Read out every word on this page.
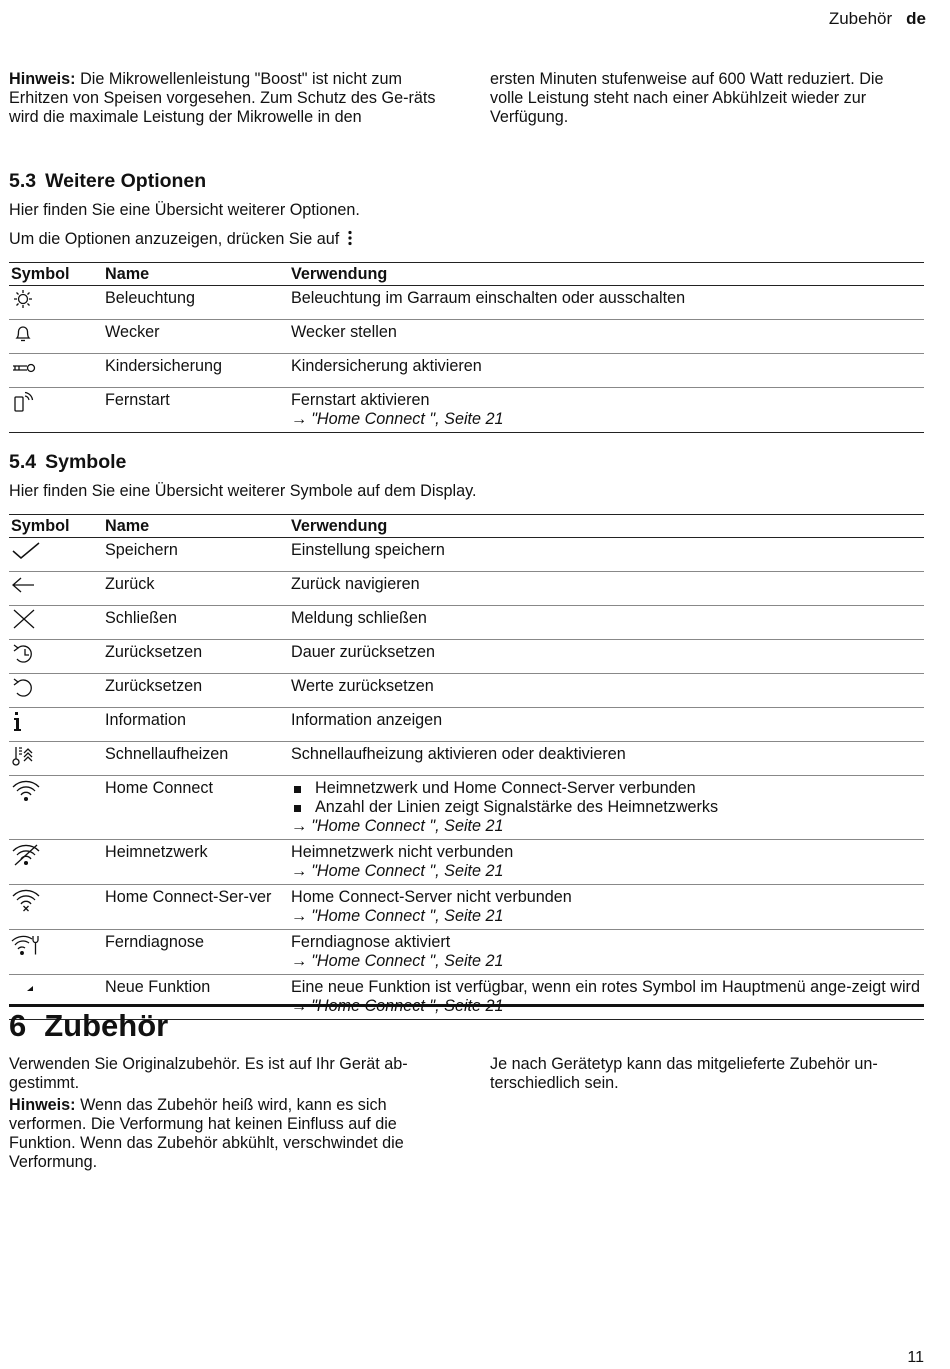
Zubehör de
Hinweis: Die Mikrowellenleistung "Boost" ist nicht zum Erhitzen von Speisen vorgesehen. Zum Schutz des Ge-räts wird die maximale Leistung der Mikrowelle in den
ersten Minuten stufenweise auf 600 Watt reduziert. Die volle Leistung steht nach einer Abkühlzeit wieder zur Verfügung.
5.3 Weitere Optionen
Hier finden Sie eine Übersicht weiterer Optionen.
Um die Optionen anzuzeigen, drücken Sie auf
Symbol	Name	Verwendung

	Beleuchtung	Beleuchtung im Garraum einschalten oder ausschalten

	Wecker	Wecker stellen

	Kindersicherung	Kindersicherung aktivieren

	Fernstart	Fernstart aktivieren
→ "Home Connect ", Seite 21
5.4 Symbole
Hier finden Sie eine Übersicht weiterer Symbole auf dem Display.
Symbol	Name	Verwendung

	Speichern	Einstellung speichern

	Zurück	Zurück navigieren

	Schließen	Meldung schließen

	Zurücksetzen	Dauer zurücksetzen

	Zurücksetzen	Werte zurücksetzen

	Information	Information anzeigen

	Schnellaufheizen	Schnellaufheizung aktivieren oder deaktivieren

	Home Connect	Heimnetzwerk und Home Connect-Server verbunden
Anzahl der Linien zeigt Signalstärke des Heimnetzwerks
→ "Home Connect ", Seite 21

	Heimnetzwerk	Heimnetzwerk nicht verbunden
→ "Home Connect ", Seite 21

	Home Connect-Ser-ver	Home Connect-Server nicht verbunden
→ "Home Connect ", Seite 21

	Ferndiagnose	Ferndiagnose aktiviert
→ "Home Connect ", Seite 21

	Neue Funktion	Eine neue Funktion ist verfügbar, wenn ein rotes Symbol im Hauptmenü ange-zeigt wird
6 Zubehör
Verwenden Sie Originalzubehör. Es ist auf Ihr Gerät ab-gestimmt.
Hinweis: Wenn das Zubehör heiß wird, kann es sich verformen. Die Verformung hat keinen Einfluss auf die Funktion. Wenn das Zubehör abkühlt, verschwindet die Verformung.
Je nach Gerätetyp kann das mitgelieferte Zubehör un-terschiedlich sein.
11
